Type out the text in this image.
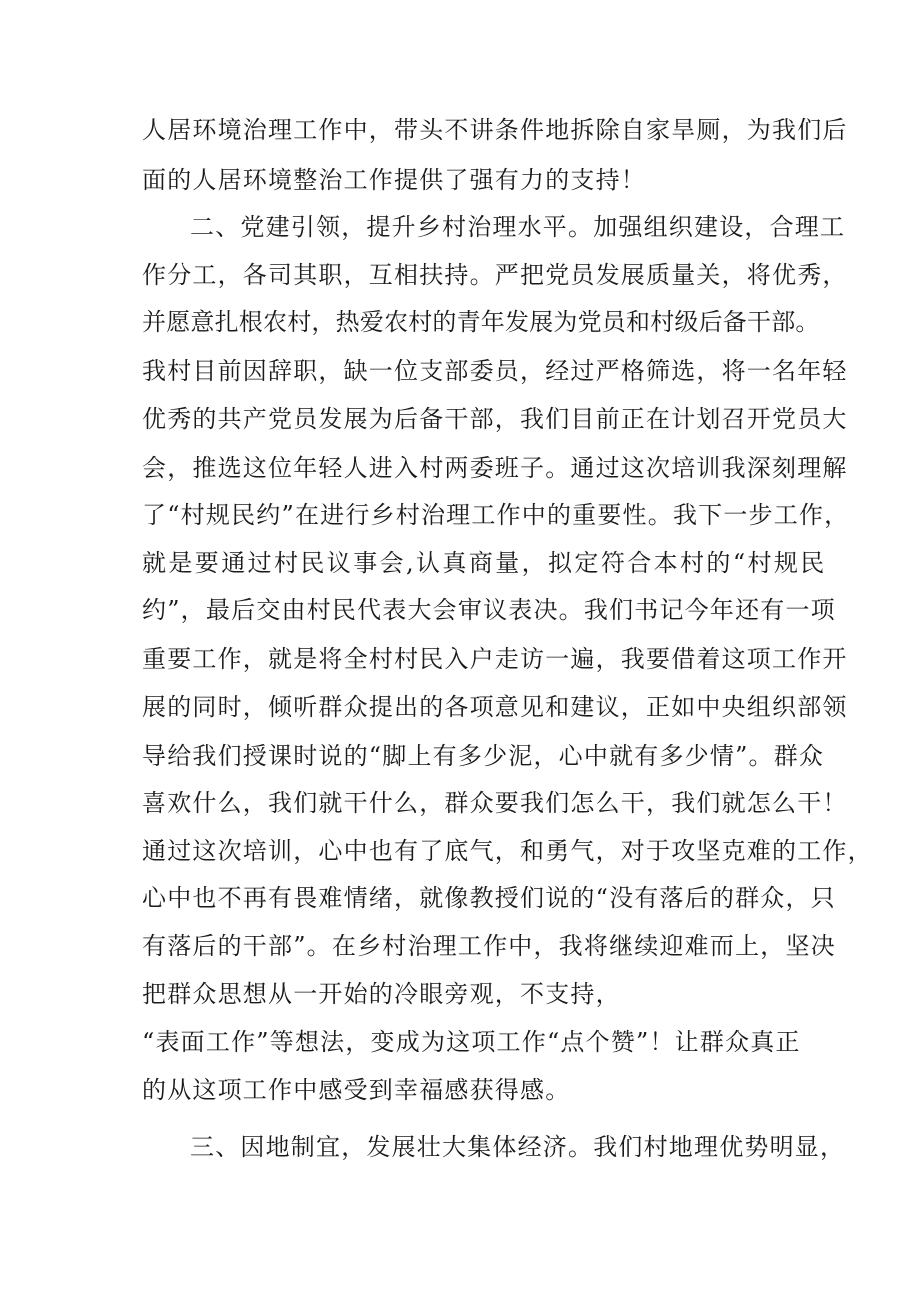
人居环境治理工作中，带头不讲条件地拆除自家旱厕，为我们后

面的人居环境整治工作提供了强有力的支持！

二、党建引领，提升乡村治理水平。加强组织建设，合理工

作分工，各司其职，互相扶持。严把党员发展质量关，将优秀，

并愿意扎根农村，热爱农村的青年发展为党员和村级后备干部。

我村目前因辞职，缺一位支部委员，经过严格筛选，将一名年轻

优秀的共产党员发展为后备干部，我们目前正在计划召开党员大

会，推选这位年轻人进入村两委班子。通过这次培训我深刻理解

了“村规民约”在进行乡村治理工作中的重要性。我下一步工作，

就是要通过村民议事会,认真商量，拟定符合本村的“村规民

约”，最后交由村民代表大会审议表决。我们书记今年还有一项

重要工作，就是将全村村民入户走访一遍，我要借着这项工作开

展的同时，倾听群众提出的各项意见和建议，正如中央组织部领

导给我们授课时说的“脚上有多少泥，心中就有多少情”。群众

喜欢什么，我们就干什么，群众要我们怎么干，我们就怎么干！

通过这次培训，心中也有了底气，和勇气，对于攻坚克难的工作，

心中也不再有畏难情绪，就像教授们说的“没有落后的群众，只

有落后的干部”。在乡村治理工作中，我将继续迎难而上，坚决

把群众思想从一开始的冷眼旁观，不支持，

“表面工作”等想法，变成为这项工作“点个赞”！让群众真正

的从这项工作中感受到幸福感获得感。

三、因地制宜，发展壮大集体经济。我们村地理优势明显，
